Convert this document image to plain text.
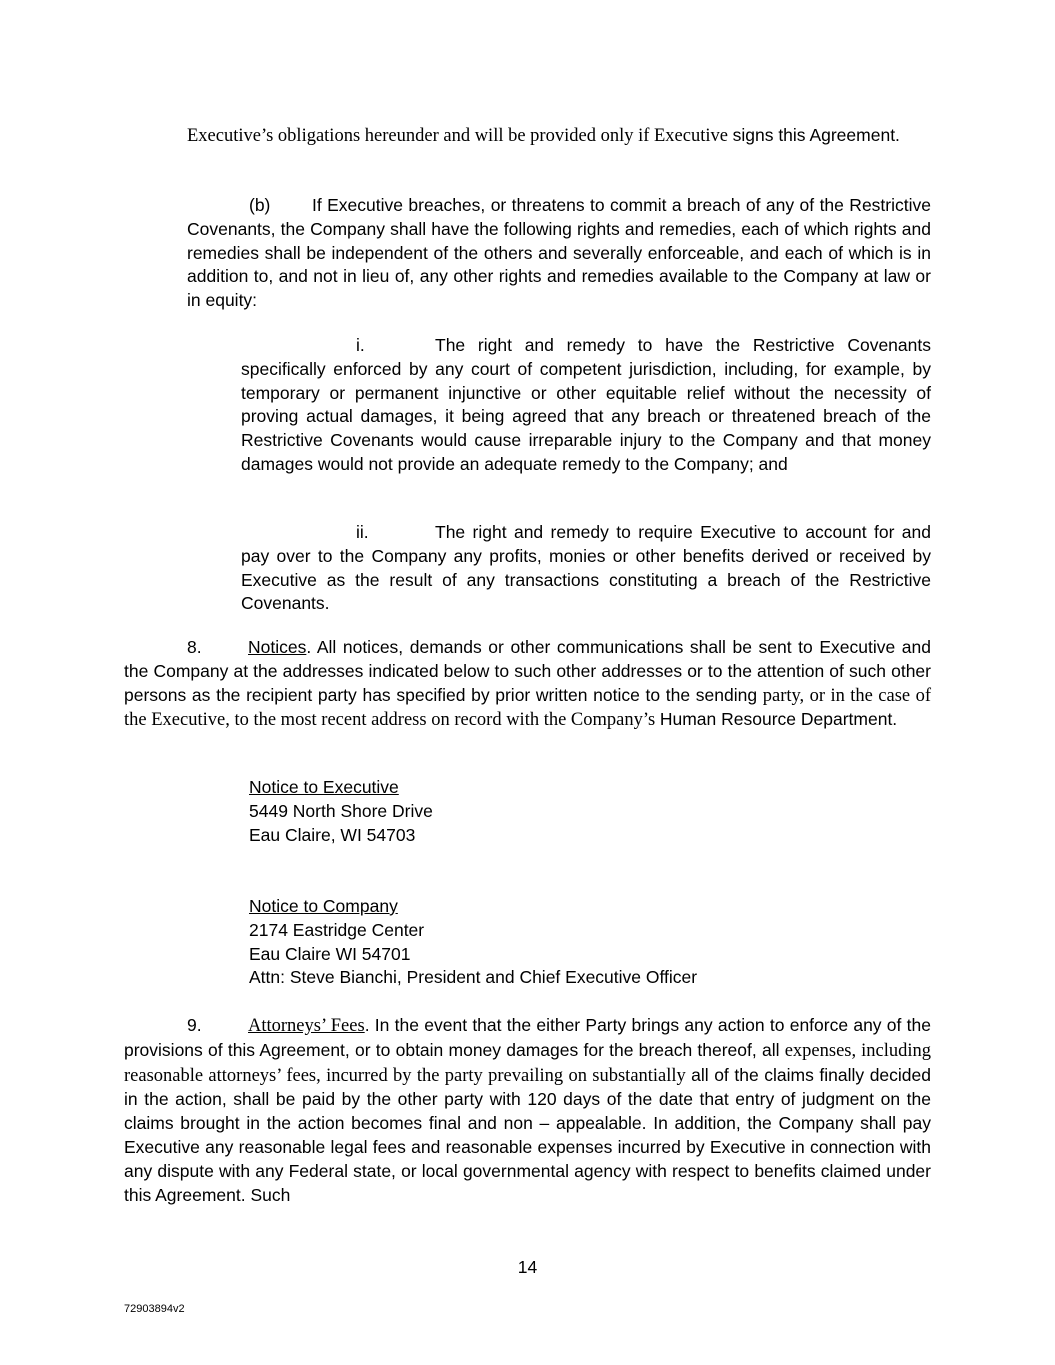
Executive’s obligations hereunder and will be provided only if Executive signs this Agreement.

(b) If Executive breaches, or threatens to commit a breach of any of the Restrictive Covenants, the Company shall have the following rights and remedies, each of which rights and remedies shall be independent of the others and severally enforceable, and each of which is in addition to, and not in lieu of, any other rights and remedies available to the Company at law or in equity:

i.	The right and remedy to have the Restrictive Covenants specifically enforced by any court of competent jurisdiction, including, for example, by temporary or permanent injunctive or other equitable relief without the necessity of proving actual damages, it being agreed that any breach or threatened breach of the Restrictive Covenants would cause irreparable injury to the Company and that money damages would not provide an adequate remedy to the Company; and

ii.	The right and remedy to require Executive to account for and pay over to the Company any profits, monies or other benefits derived or received by Executive as the result of any transactions constituting a breach of the Restrictive Covenants.

8.	Notices. All notices, demands or other communications shall be sent to Executive and the Company at the addresses indicated below to such other addresses or to the attention of such other persons as the recipient party has specified by prior written notice to the sending party, or in the case of the Executive, to the most recent address on record with the Company’s Human Resource Department.

Notice to Executive
5449 North Shore Drive
Eau Claire, WI 54703
Notice to Company
2174 Eastridge Center
Eau Claire WI 54701
Attn: Steve Bianchi, President and Chief Executive Officer

9.	Attorneys’ Fees. In the event that the either Party brings any action to enforce any of the provisions of this Agreement, or to obtain money damages for the breach thereof, all expenses, including reasonable attorneys’ fees, incurred by the party prevailing on substantially all of the claims finally decided in the action, shall be paid by the other party with 120 days of the date that entry of judgment on the claims brought in the action becomes final and non – appealable. In addition, the Company shall pay Executive any reasonable legal fees and reasonable expenses incurred by Executive in connection with any dispute with any Federal state, or local governmental agency with respect to benefits claimed under this Agreement. Such

14
72903894v2
